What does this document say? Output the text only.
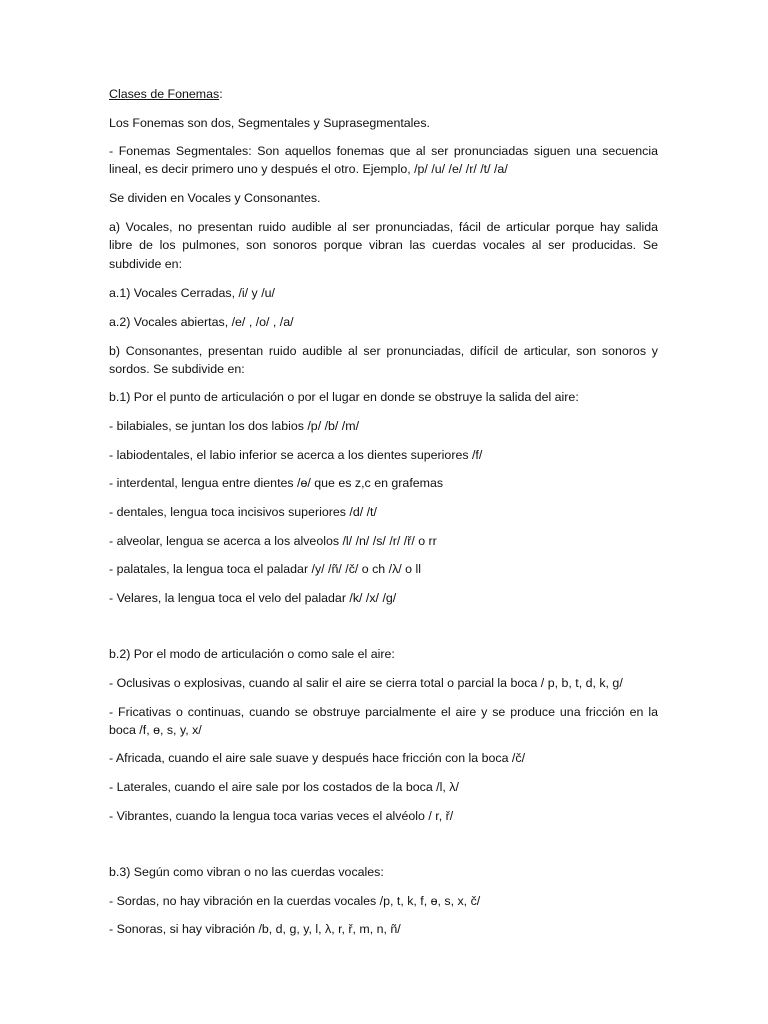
Clases de Fonemas:
Los Fonemas son dos, Segmentales y Suprasegmentales.
- Fonemas Segmentales: Son aquellos fonemas que al ser pronunciadas siguen una secuencia
lineal, es decir primero uno y después el otro. Ejemplo, /p/ /u/ /e/ /r/ /t/ /a/
Se dividen en Vocales y Consonantes.
a) Vocales, no presentan ruido audible al ser pronunciadas, fácil de articular porque hay salida
libre de los pulmones, son sonoros porque vibran las cuerdas vocales al ser producidas. Se
subdivide en:
a.1) Vocales Cerradas, /i/ y /u/
a.2) Vocales abiertas, /e/ , /o/ , /a/
b) Consonantes, presentan ruido audible al ser pronunciadas, difícil de articular, son sonoros y
sordos. Se subdivide en:
b.1) Por el punto de articulación o por el lugar en donde se obstruye la salida del aire:
- bilabiales, se juntan los dos labios /p/ /b/ /m/
- labiodentales, el labio inferior se acerca a los dientes superiores /f/
- interdental, lengua entre dientes /ɵ/ que es z,c en grafemas
- dentales, lengua toca incisivos superiores /d/ /t/
- alveolar, lengua se acerca a los alveolos /l/ /n/ /s/ /r/ /ř/ o rr
- palatales, la lengua toca el paladar /y/ /ñ/ /č/ o ch /λ/ o ll
- Velares, la lengua toca el velo del paladar /k/ /x/ /g/
b.2) Por el modo de articulación o como sale el aire:
- Oclusivas o explosivas, cuando al salir el aire se cierra total o parcial la boca / p, b, t, d, k, g/
- Fricativas o continuas, cuando se obstruye parcialmente el aire y se produce una fricción en la
boca /f, ɵ, s, y, x/
- Africada, cuando el aire sale suave y después hace fricción con la boca /č/
- Laterales, cuando el aire sale por los costados de la boca /l, λ/
- Vibrantes, cuando la lengua toca varias veces el alvéolo / r, ř/
b.3) Según como vibran o no las cuerdas vocales:
- Sordas, no hay vibración en la cuerdas vocales /p, t, k, f, ɵ, s, x, č/
- Sonoras, si hay vibración /b, d, g, y, l, λ, r, ř, m, n, ñ/
